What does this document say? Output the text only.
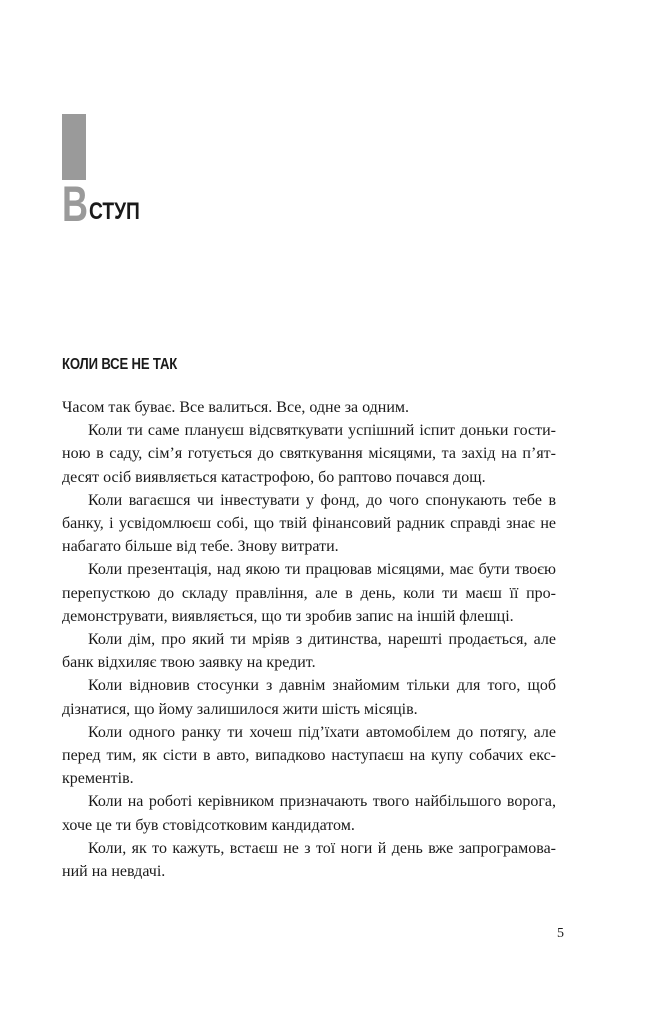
В СТУП
КОЛИ ВСЕ НЕ ТАК

Часом так буває. Все валиться. Все, одне за одним.

Коли ти саме плануєш відсвяткувати успішний іспит доньки гостиною в саду, сім’я готується до святкування місяцями, та захід на п’ятдесят осіб виявляється катастрофою, бо раптово почався дощ.

Коли вагаєшся чи інвестувати у фонд, до чого спонукають тебе в банку, і усвідомлюєш собі, що твій фінансовий радник справді знає не набагато більше від тебе. Знову витрати.

Коли презентація, над якою ти працював місяцями, має бути твоєю перепусткою до складу правління, але в день, коли ти маєш її продемонструвати, виявляється, що ти зробив запис на іншій флешці.

Коли дім, про який ти мріяв з дитинства, нарешті продається, але банк відхиляє твою заявку на кредит.

Коли відновив стосунки з давнім знайомим тільки для того, щоб дізнатися, що йому залишилося жити шість місяців.

Коли одного ранку ти хочеш під’їхати автомобілем до потягу, але перед тим, як сісти в авто, випадково наступаєш на купу собачих екскрементів.

Коли на роботі керівником призначають твого найбільшого ворога, хоче це ти був стовідсотковим кандидатом.

Коли, як то кажуть, встаєш не з тої ноги й день вже запрограмований на невдачі.

5
